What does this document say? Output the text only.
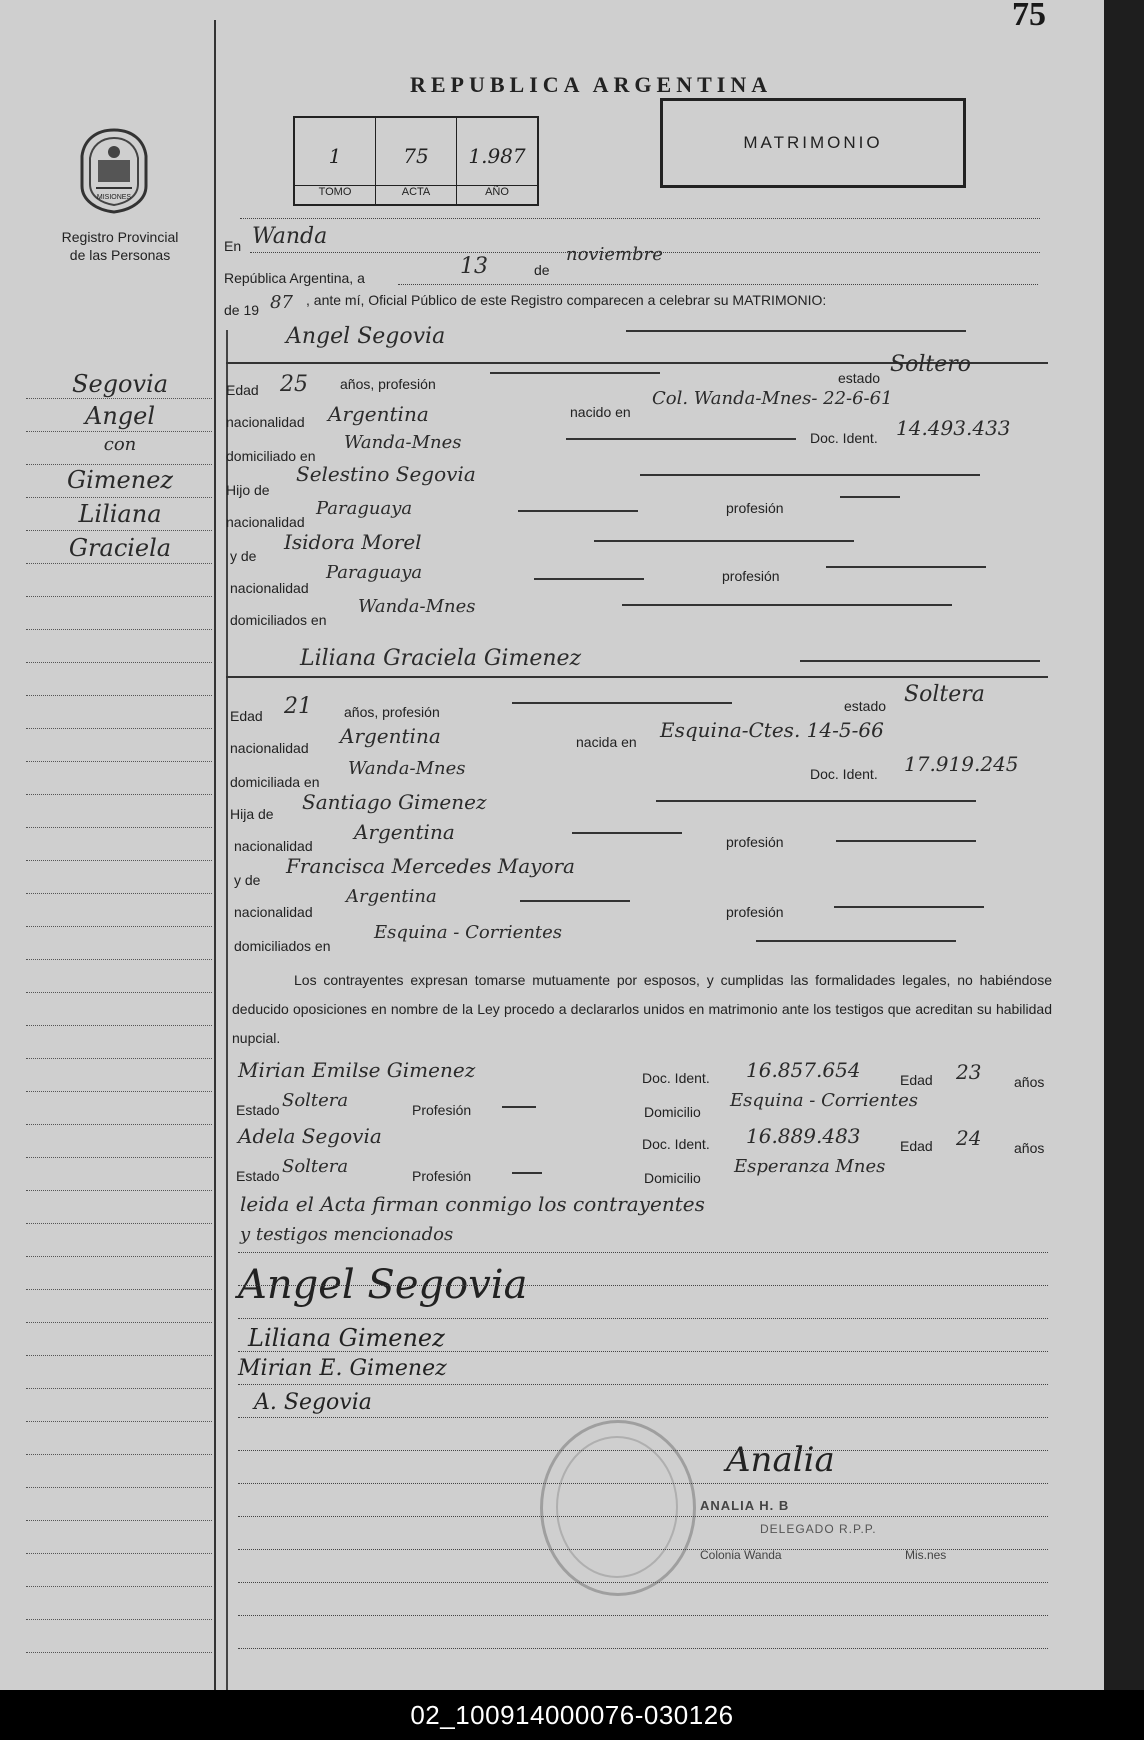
75
MISIONES
Registro Provincial
de las Personas
Segovia
Angel
con
Gimenez
Liliana
Graciela
REPUBLICA ARGENTINA
1
TOMO
75
ACTA
1.987
AÑO
MATRIMONIO
En Wanda
República Argentina, a	13	de
noviembre
de 19 87 , ante mí, Oficial Público de este Registro comparecen a celebrar su MATRIMONIO:
Angel Segovia
Edad 25 años, profesión	estado
Soltero
nacionalidad Argentina	nacido en
Col. Wanda-Mnes- 22-6-61
domiciliado en
Wanda-Mnes	Doc. Ident. 14.493.433
Hijo de
Selestino Segovia
nacionalidad
Paraguaya	profesión
y de
Isidora Morel
nacionalidad
Paraguaya	profesión
domiciliados en
Wanda-Mnes
Liliana Graciela Gimenez
Edad 21 años, profesión	estado Soltera
nacionalidad Argentina	nacida en Esquina-Ctes. 14-5-66
domiciliada en
Wanda-Mnes	Doc. Ident. 17.919.245
Hija de Santiago Gimenez
nacionalidad
Argentina	profesión
y de
Francisca Mercedes Mayora
nacionalidad
Argentina
profesión
domiciliados en
Esquina - Corrientes
Los contrayentes expresan tomarse mutuamente por esposos, y cumplidas las formalidades legales, no habiéndose deducido oposiciones en nombre de la Ley procedo a declararlos unidos en matrimonio ante los testigos que acreditan su habilidad nupcial.
Mirian Emilse Gimenez	Doc. Ident. 16.857.654	Edad 23 años
Estado Soltera	Profesión	Domicilio
Esquina - Corrientes
Adela Segovia	Doc. Ident. 16.889.483	Edad 24 años
Estado Soltera	Profesión	Domicilio
Esperanza Mnes
leida el Acta firman conmigo los contrayentes
y testigos mencionados
Angel Segovia
Liliana Gimenez
Mirian E. Gimenez
A. Segovia
Analia
ANALIA H. B
DELEGADO R.P.P.
Colonia Wanda	Mis.nes
02_100914000076-030126
